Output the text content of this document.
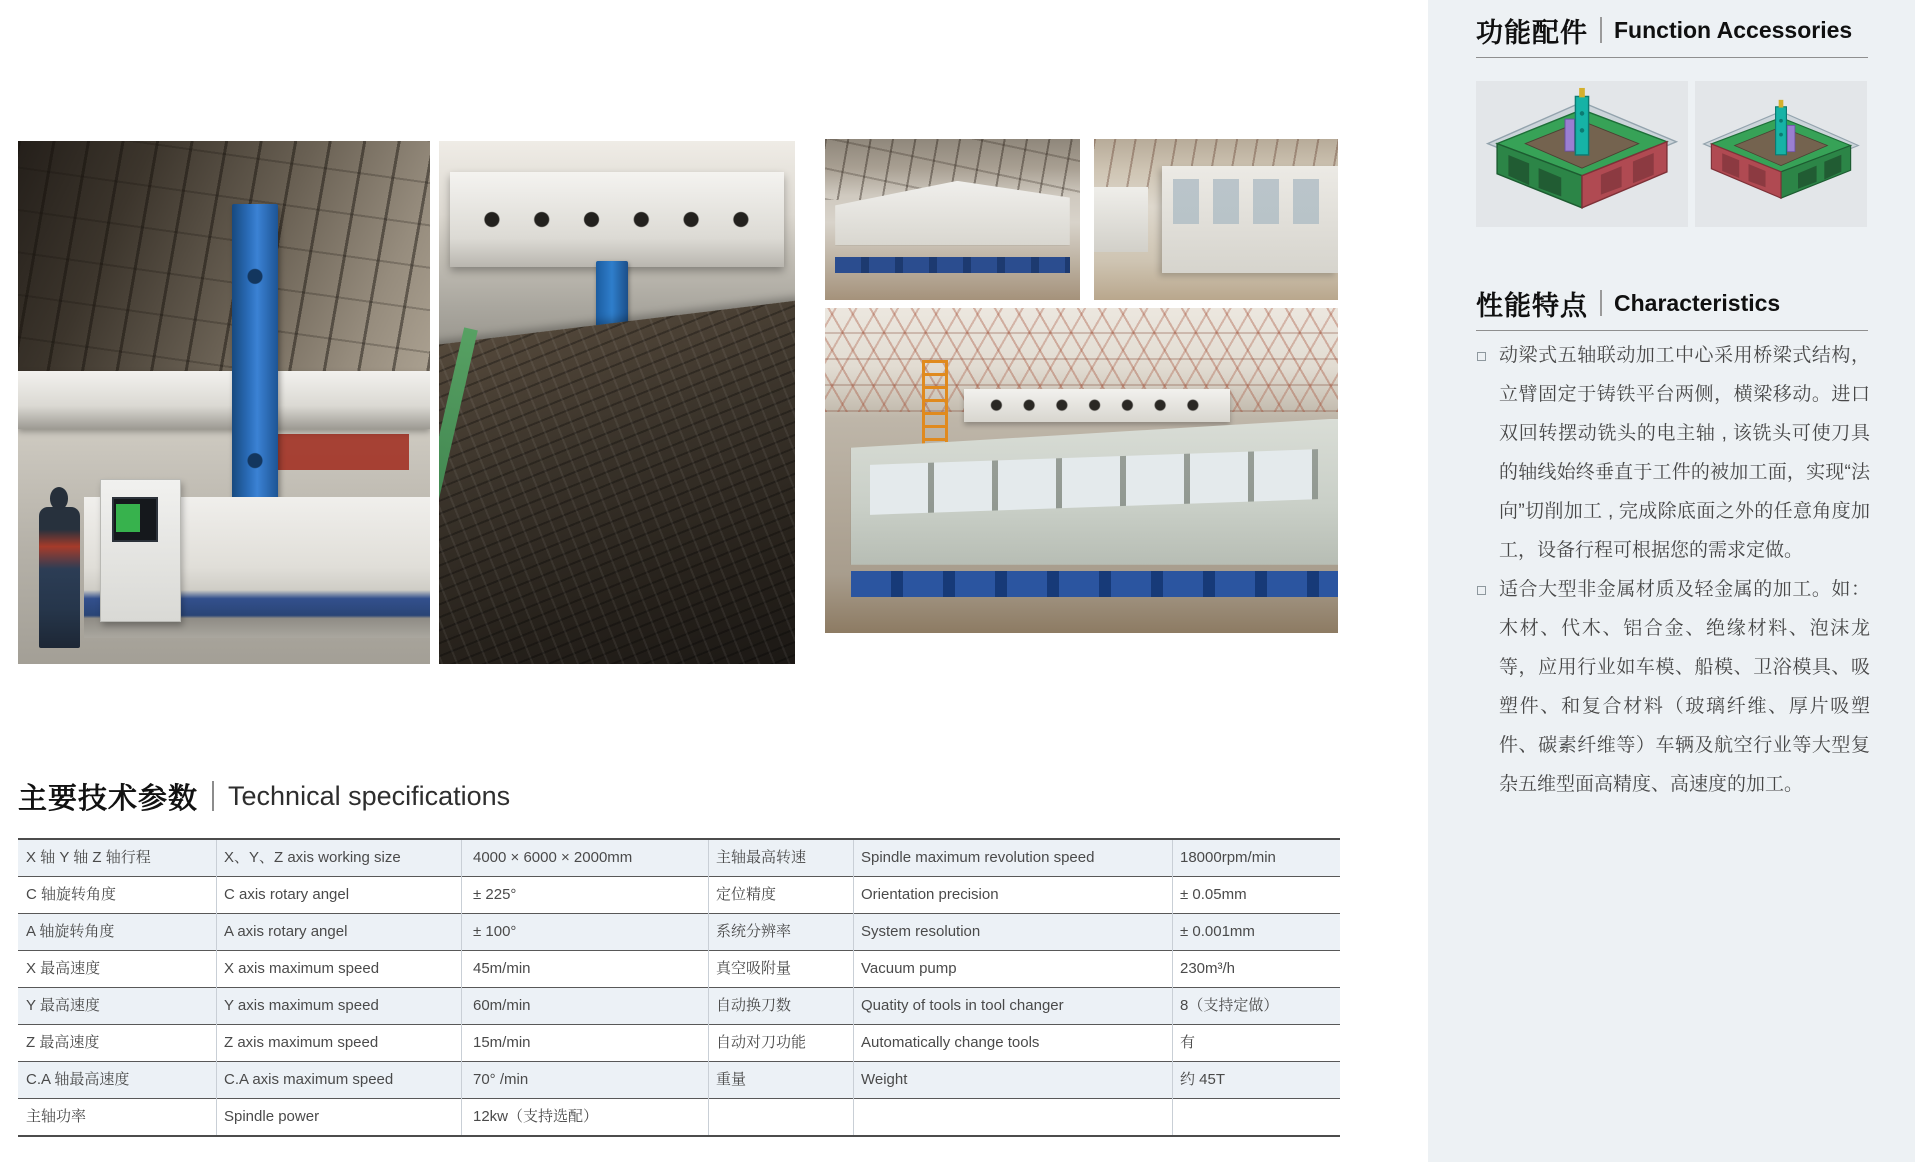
主要技术参数 Technical specifications
X 轴 Y 轴 Z 轴行程	X、Y、Z axis working size	4000 × 6000 × 2000mm	主轴最高转速	Spindle maximum revolution speed	18000rpm/min
C 轴旋转角度	C axis rotary angel	± 225°	定位精度	Orientation precision	± 0.05mm
A 轴旋转角度	A axis rotary angel	± 100°	系统分辨率	System resolution	± 0.001mm
X 最高速度	X axis maximum speed	45m/min	真空吸附量	Vacuum pump	230m³/h
Y 最高速度	Y axis maximum speed	60m/min	自动换刀数	Quatity of tools in tool changer	8（支持定做）
Z 最高速度	Z axis maximum speed	15m/min	自动对刀功能	Automatically change tools	有
C.A 轴最高速度	C.A axis maximum speed	70° /min	重量	Weight	约 45T
主轴功率	Spindle power	12kw（支持选配）
功能配件 Function Accessories
性能特点 Characteristics
动梁式五轴联动加工中心采用桥梁式结构，立臂固定于铸铁平台两侧，横梁移动。进口双回转摆动铣头的电主轴 , 该铣头可使刀具的轴线始终垂直于工件的被加工面，实现“法向”切削加工 , 完成除底面之外的任意角度加工，设备行程可根据您的需求定做。
适合大型非金属材质及轻金属的加工。如：木材、代木、铝合金、绝缘材料、泡沫龙等，应用行业如车模、船模、卫浴模具、吸塑件、和复合材料（玻璃纤维、厚片吸塑件、碳素纤维等）车辆及航空行业等大型复杂五维型面高精度、高速度的加工。
